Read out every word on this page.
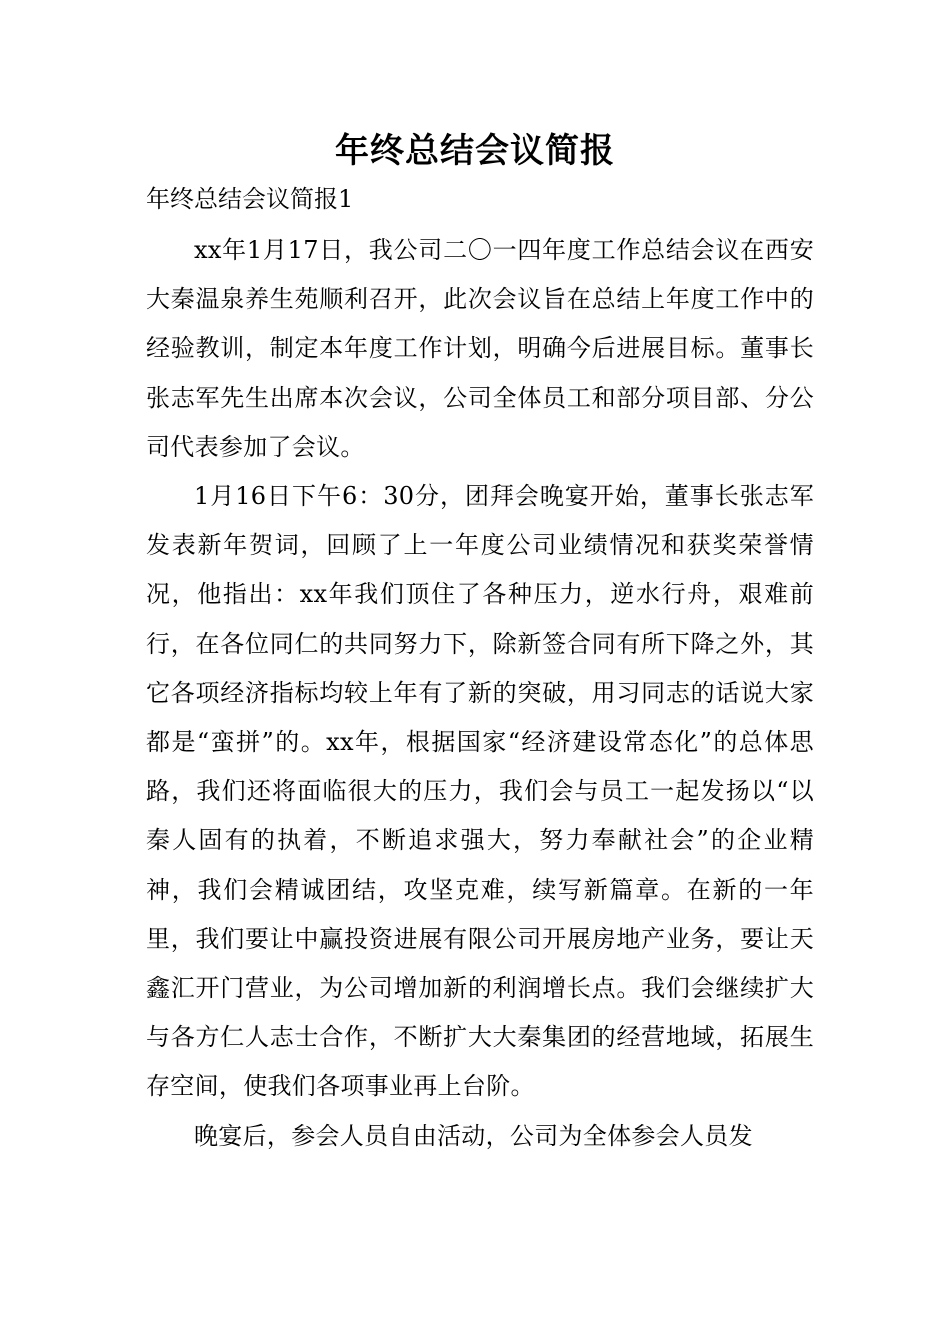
年终总结会议简报
年终总结会议简报1

xx年1月17日，我公司二〇一四年度工作总结会议在西安大秦温泉养生苑顺利召开，此次会议旨在总结上年度工作中的经验教训，制定本年度工作计划，明确今后进展目标。董事长张志军先生出席本次会议，公司全体员工和部分项目部、分公司代表参加了会议。

1月16日下午6：30分，团拜会晚宴开始，董事长张志军发表新年贺词，回顾了上一年度公司业绩情况和获奖荣誉情况，他指出：xx年我们顶住了各种压力，逆水行舟，艰难前行，在各位同仁的共同努力下，除新签合同有所下降之外，其它各项经济指标均较上年有了新的突破，用习同志的话说大家都是“蛮拼”的。xx年，根据国家“经济建设常态化”的总体思路，我们还将面临很大的压力，我们会与员工一起发扬以“以秦人固有的执着，不断追求强大，努力奉献社会”的企业精神，我们会精诚团结，攻坚克难，续写新篇章。在新的一年里，我们要让中赢投资进展有限公司开展房地产业务，要让天鑫汇开门营业，为公司增加新的利润增长点。我们会继续扩大与各方仁人志士合作，不断扩大大秦集团的经营地域，拓展生存空间，使我们各项事业再上台阶。

晚宴后，参会人员自由活动，公司为全体参会人员发
